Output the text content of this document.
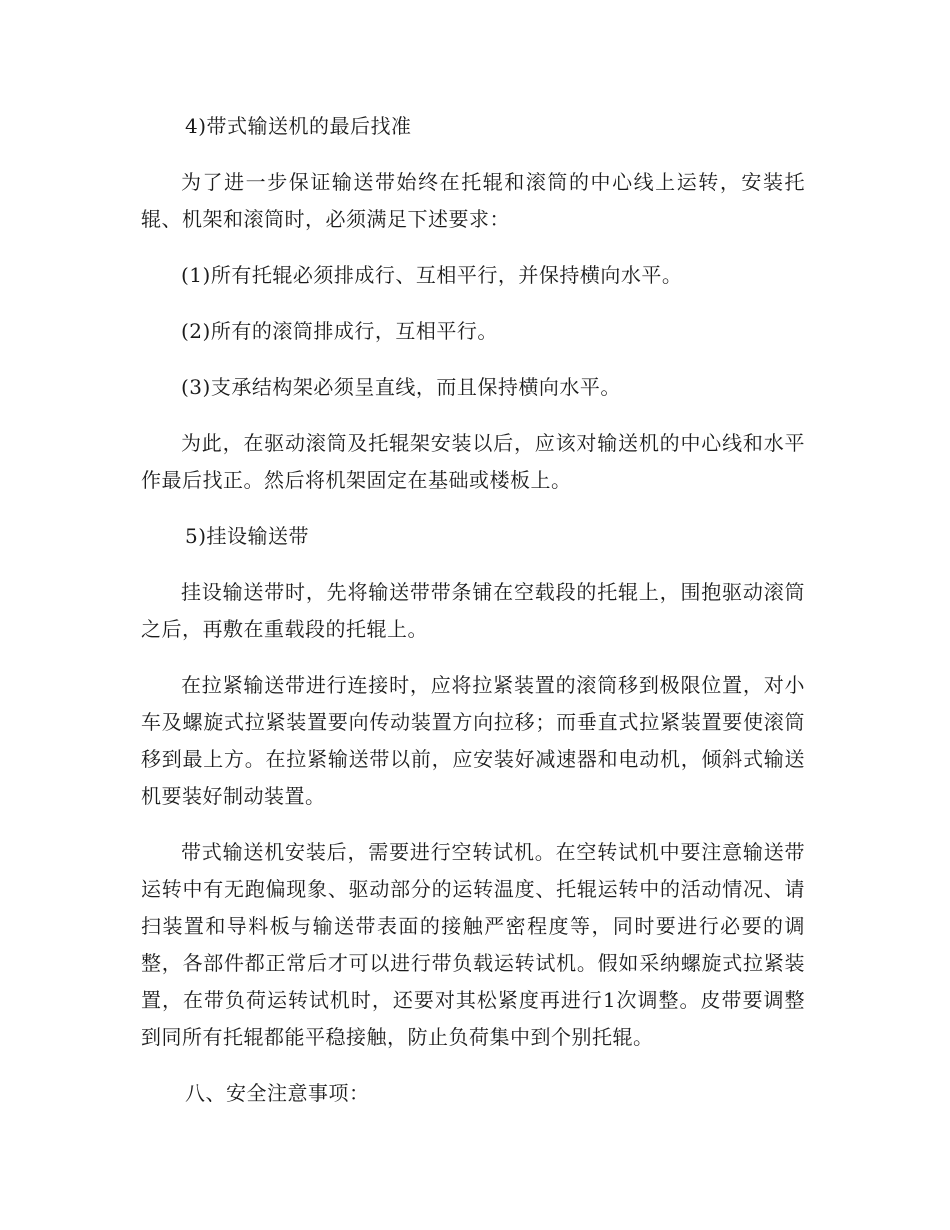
4)带式输送机的最后找准

为了进一步保证输送带始终在托辊和滚筒的中心线上运转，安装托辊、机架和滚筒时，必须满足下述要求：

(1)所有托辊必须排成行、互相平行，并保持横向水平。

(2)所有的滚筒排成行，互相平行。

(3)支承结构架必须呈直线，而且保持横向水平。

为此，在驱动滚筒及托辊架安装以后，应该对输送机的中心线和水平作最后找正。然后将机架固定在基础或楼板上。

5)挂设输送带

挂设输送带时，先将输送带带条铺在空载段的托辊上，围抱驱动滚筒之后，再敷在重载段的托辊上。

在拉紧输送带进行连接时，应将拉紧装置的滚筒移到极限位置，对小车及螺旋式拉紧装置要向传动装置方向拉移；而垂直式拉紧装置要使滚筒移到最上方。在拉紧输送带以前，应安装好减速器和电动机，倾斜式输送机要装好制动装置。

带式输送机安装后，需要进行空转试机。在空转试机中要注意输送带运转中有无跑偏现象、驱动部分的运转温度、托辊运转中的活动情况、请扫装置和导料板与输送带表面的接触严密程度等，同时要进行必要的调整，各部件都正常后才可以进行带负载运转试机。假如采纳螺旋式拉紧装置，在带负荷运转试机时，还要对其松紧度再进行1次调整。皮带要调整到同所有托辊都能平稳接触，防止负荷集中到个别托辊。

八、安全注意事项：
